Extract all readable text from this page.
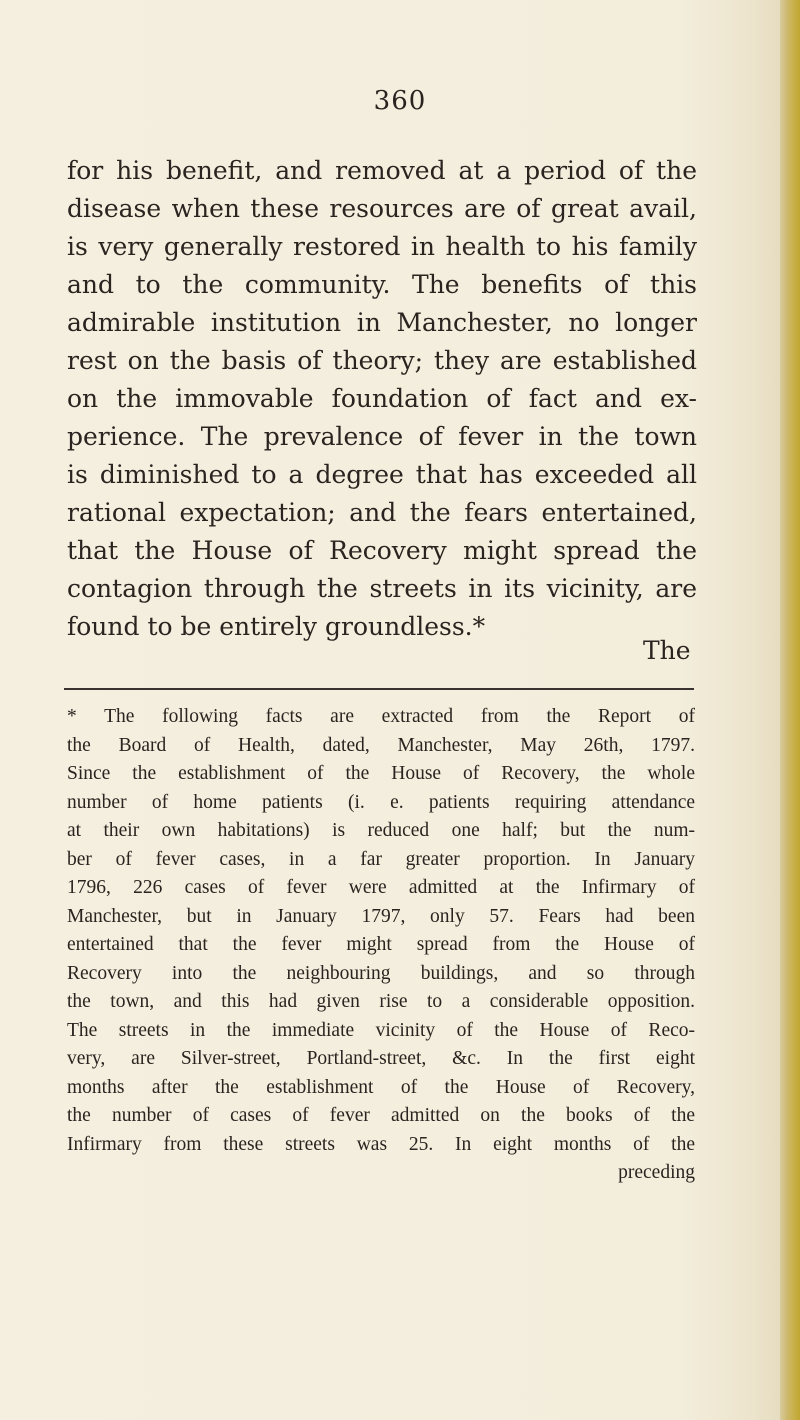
360
for his benefit, and removed at a period of the
disease when these resources are of great avail,
is very generally restored in health to his family
and to the community. The benefits of this
admirable institution in Manchester, no longer
rest on the basis of theory; they are established
on the immovable foundation of fact and ex-
perience. The prevalence of fever in the town
is diminished to a degree that has exceeded all
rational expectation; and the fears entertained,
that the House of Recovery might spread the
contagion through the streets in its vicinity, are
found to be entirely groundless.*
The
* The following facts are extracted from the Report of
the Board of Health, dated, Manchester, May 26th, 1797.
Since the establishment of the House of Recovery, the whole
number of home patients (i. e. patients requiring attendance
at their own habitations) is reduced one half; but the num-
ber of fever cases, in a far greater proportion. In January
1796, 226 cases of fever were admitted at the Infirmary of
Manchester, but in January 1797, only 57. Fears had been
entertained that the fever might spread from the House of
Recovery into the neighbouring buildings, and so through
the town, and this had given rise to a considerable opposition.
The streets in the immediate vicinity of the House of Reco-
very, are Silver-street, Portland-street, &c. In the first eight
months after the establishment of the House of Recovery,
the number of cases of fever admitted on the books of the
Infirmary from these streets was 25. In eight months of the
preceding
